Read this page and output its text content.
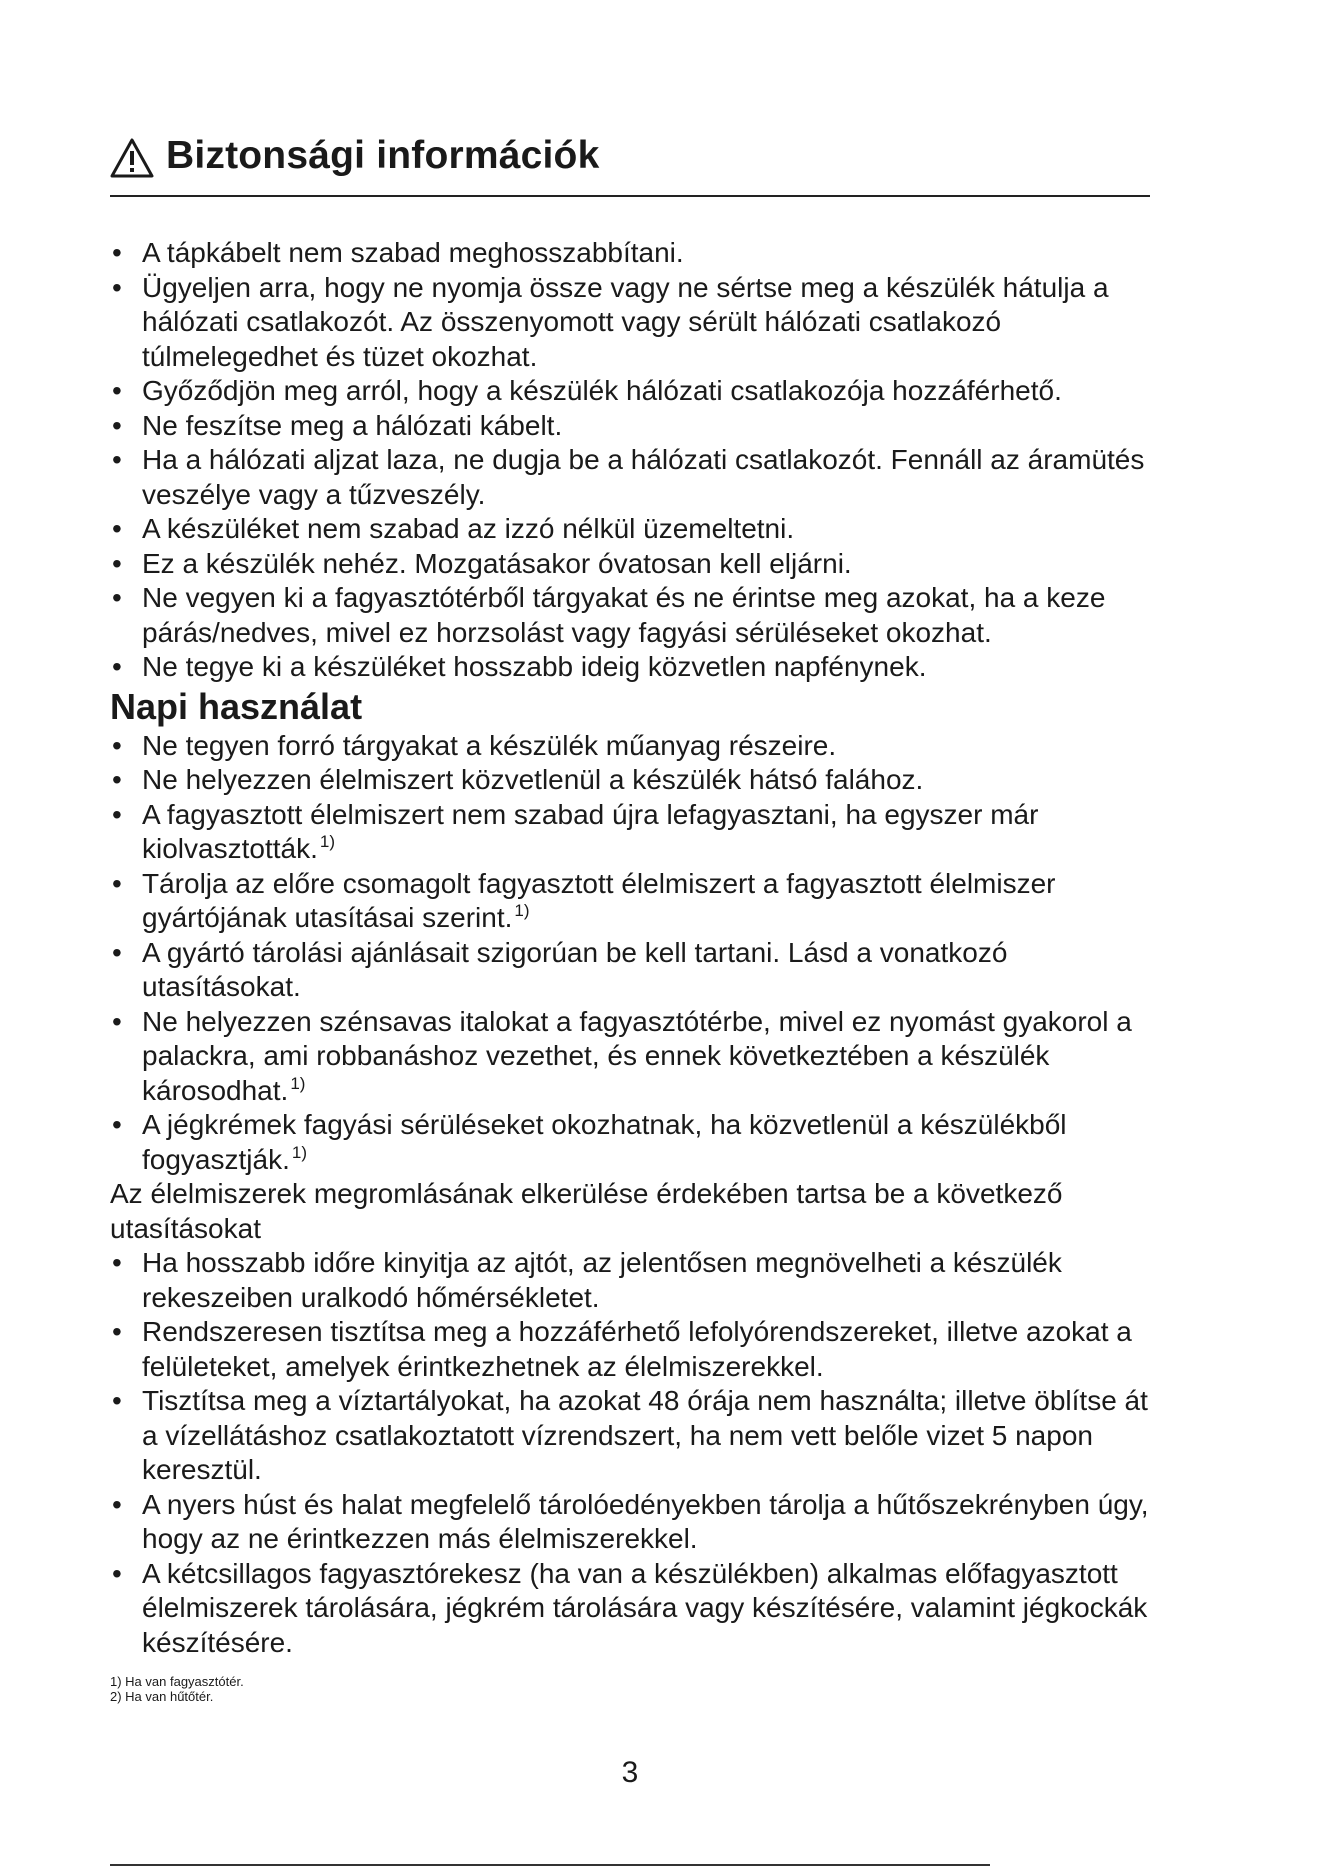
Biztonsági információk
• A tápkábelt nem szabad meghosszabbítani.
• Ügyeljen arra, hogy ne nyomja össze vagy ne sértse meg a készülék hátulja a hálózati csatlakozót. Az összenyomott vagy sérült hálózati csatlakozó túlmelegedhet és tüzet okozhat.
• Győződjön meg arról, hogy a készülék hálózati csatlakozója hozzáférhető.
• Ne feszítse meg a hálózati kábelt.
• Ha a hálózati aljzat laza, ne dugja be a hálózati csatlakozót. Fennáll az áramütés veszélye vagy a tűzveszély.
• A készüléket nem szabad az izzó nélkül üzemeltetni.
• Ez a készülék nehéz. Mozgatásakor óvatosan kell eljárni.
• Ne vegyen ki a fagyasztótérből tárgyakat és ne érintse meg azokat, ha a keze párás/nedves, mivel ez horzsolást vagy fagyási sérüléseket okozhat.
• Ne tegye ki a készüléket hosszabb ideig közvetlen napfénynek.
Napi használat
• Ne tegyen forró tárgyakat a készülék műanyag részeire.
• Ne helyezzen élelmiszert közvetlenül a készülék hátsó falához.
• A fagyasztott élelmiszert nem szabad újra lefagyasztani, ha egyszer már kiolvasztották. $^{1)}$
• Tárolja az előre csomagolt fagyasztott élelmiszert a fagyasztott élelmiszer gyártójának utasításai szerint. $^{1)}$
• A gyártó tárolási ajánlásait szigorúan be kell tartani. Lásd a vonatkozó utasításokat.
• Ne helyezzen szénsavas italokat a fagyasztótérbe, mivel ez nyomást gyakorol a palackra, ami robbanáshoz vezethet, és ennek következtében a készülék károsodhat. $^{1)}$
• A jégkrémek fagyási sérüléseket okozhatnak, ha közvetlenül a készülékből fogyasztják. $^{1)}$

Az élelmiszerek megromlásának elkerülése érdekében tartsa be a következő utasításokat

• Ha hosszabb időre kinyitja az ajtót, az jelentősen megnövelheti a készülék rekeszeiben uralkodó hőmérsékletet.
• Rendszeresen tisztítsa meg a hozzáférhető lefolyórendszereket, illetve azokat a felületeket, amelyek érintkezhetnek az élelmiszerekkel.
• Tisztítsa meg a víztartályokat, ha azokat 48 órája nem használta; illetve öblítse át a vízellátáshoz csatlakoztatott vízrendszert, ha nem vett belőle vizet 5 napon keresztül.
• A nyers húst és halat megfelelő tárolóedényekben tárolja a hűtőszekrényben úgy, hogy az ne érintkezzen más élelmiszerekkel.
• A kétcsillagos fagyasztórekesz (ha van a készülékben) alkalmas előfagyasztott élelmiszerek tárolására, jégkrém tárolására vagy készítésére, valamint jégkockák készítésére.
1) Ha van fagyasztótér.
2) Ha van hűtőtér.
3
